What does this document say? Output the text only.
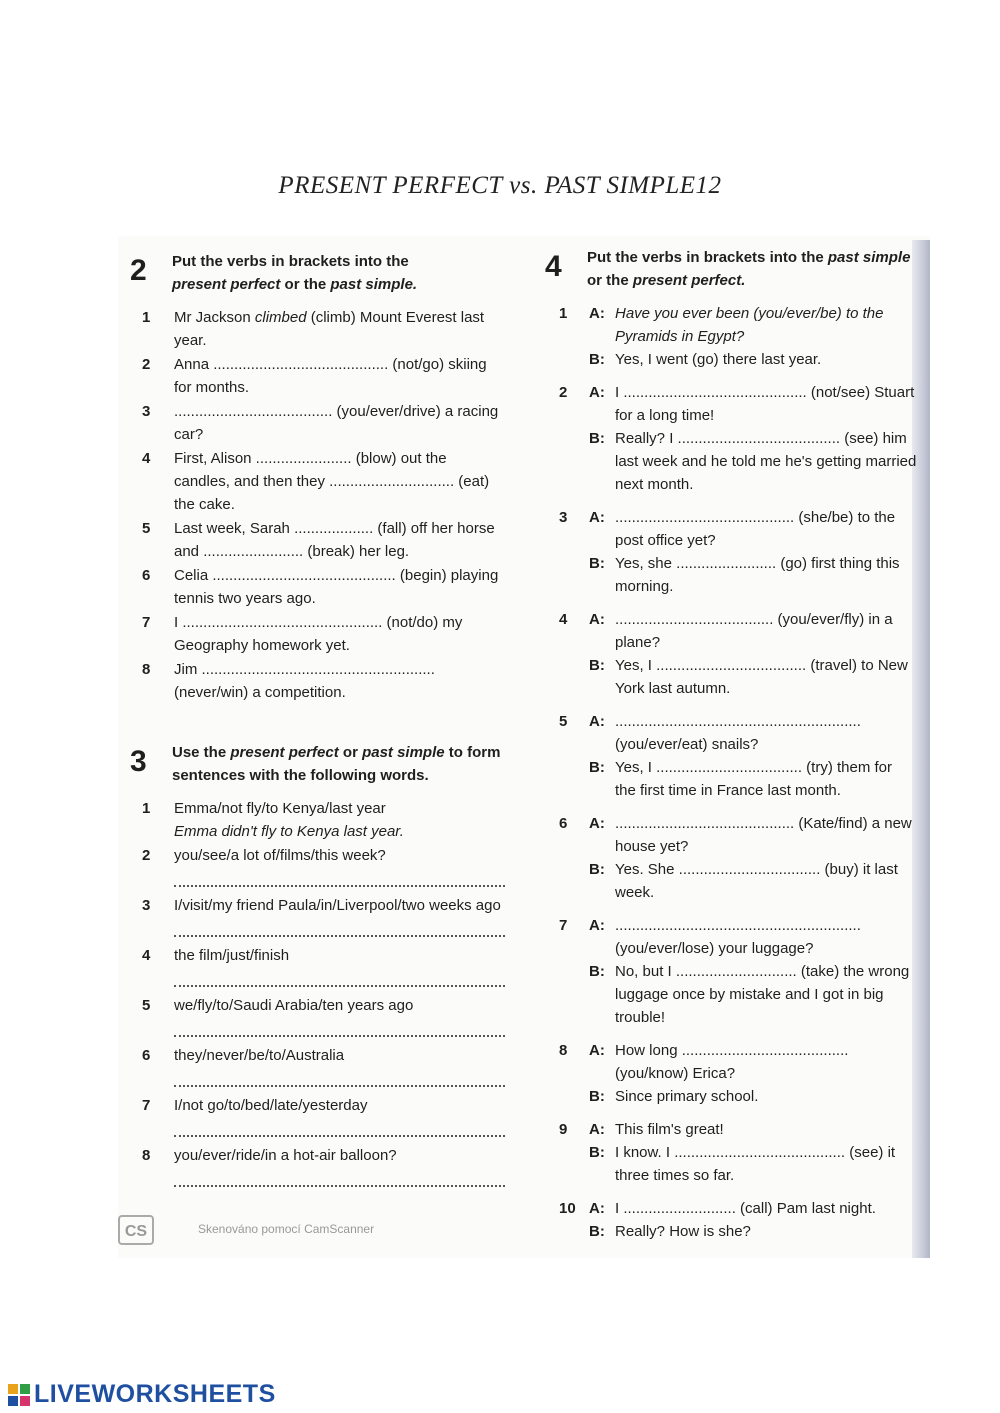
PRESENT PERFECT vs. PAST SIMPLE12
2	Put the verbs in brackets into the
present perfect or the past simple.
1	Mr Jackson climbed (climb) Mount Everest last year.
2	Anna .......................................... (not/go) skiing for months.
3	...................................... (you/ever/drive) a racing car?
4	First, Alison ....................... (blow) out the candles, and then they .............................. (eat) the cake.
5	Last week, Sarah ................... (fall) off her horse and ........................ (break) her leg.
6	Celia ............................................ (begin) playing tennis two years ago.
7	I ................................................ (not/do) my Geography homework yet.
8	Jim ........................................................ (never/win) a competition.
3	Use the present perfect or past simple to form sentences with the following words.
1	Emma/not fly/to Kenya/last year
Emma didn't fly to Kenya last year.
2	you/see/a lot of/films/this week?
3	I/visit/my friend Paula/in/Liverpool/two weeks ago
4	the film/just/finish
5	we/fly/to/Saudi Arabia/ten years ago
6	they/never/be/to/Australia
7	I/not go/to/bed/late/yesterday
8	you/ever/ride/in a hot-air balloon?
4	Put the verbs in brackets into the past simple or the present perfect.
1	A: Have you ever been (you/ever/be) to the Pyramids in Egypt?
B: Yes, I went (go) there last year.
2	A: I ............................................ (not/see) Stuart for a long time!
B: Really? I ....................................... (see) him last week and he told me he's getting married next month.
3	A: ........................................... (she/be) to the post office yet?
B: Yes, she ........................ (go) first thing this morning.
4	A: ...................................... (you/ever/fly) in a plane?
B: Yes, I .................................... (travel) to New York last autumn.
5	A: ........................................................... (you/ever/eat) snails?
B: Yes, I ................................... (try) them for the first time in France last month.
6	A: ........................................... (Kate/find) a new house yet?
B: Yes. She .................................. (buy) it last week.
7	A: ........................................................... (you/ever/lose) your luggage?
B: No, but I ............................. (take) the wrong luggage once by mistake and I got in big trouble!
8	A: How long ........................................ (you/know) Erica?
B: Since primary school.
9	A: This film's great!
B: I know. I ......................................... (see) it three times so far.
10 A: I ........................... (call) Pam last night.
B: Really? How is she?
CS	Skenováno pomocí CamScanner
LIVEWORKSHEETS
